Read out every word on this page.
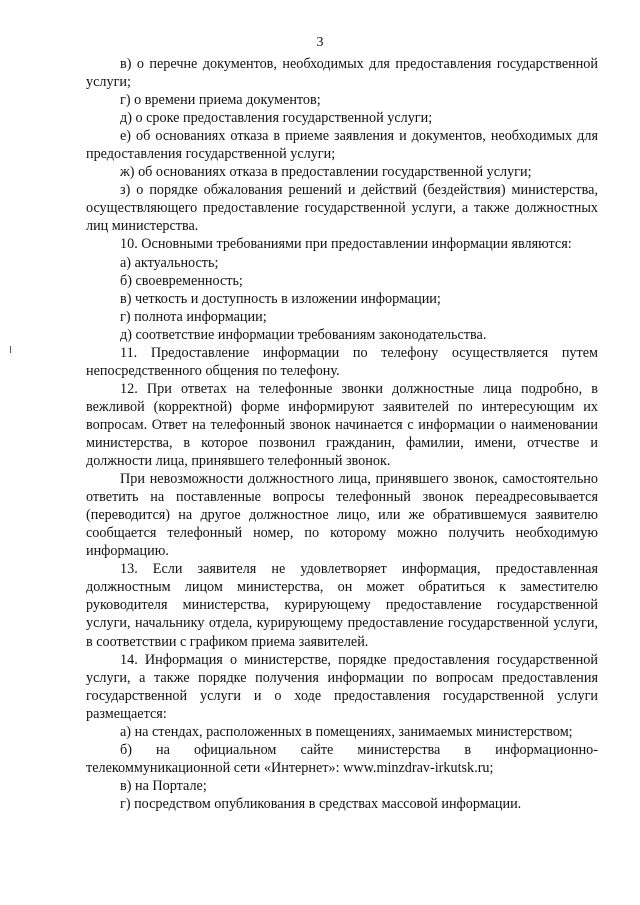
3

в) о перечне документов, необходимых для предоставления государственной услуги;

г) о времени приема документов;

д) о сроке предоставления государственной услуги;

е) об основаниях отказа в приеме заявления и документов, необходимых для предоставления государственной услуги;

ж) об основаниях отказа в предоставлении государственной услуги;

з) о порядке обжалования решений и действий (бездействия) министерства, осуществляющего предоставление государственной услуги, а также должностных лиц министерства.

10. Основными требованиями при предоставлении информации являются:

а) актуальность;

б) своевременность;

в) четкость и доступность в изложении информации;

г) полнота информации;

д) соответствие информации требованиям законодательства.

11. Предоставление информации по телефону осуществляется путем непосредственного общения по телефону.

12. При ответах на телефонные звонки должностные лица подробно, в вежливой (корректной) форме информируют заявителей по интересующим их вопросам. Ответ на телефонный звонок начинается с информации о наименовании министерства, в которое позвонил гражданин, фамилии, имени, отчестве и должности лица, принявшего телефонный звонок.

При невозможности должностного лица, принявшего звонок, самостоятельно ответить на поставленные вопросы телефонный звонок переадресовывается (переводится) на другое должностное лицо, или же обратившемуся заявителю сообщается телефонный номер, по которому можно получить необходимую информацию.

13. Если заявителя не удовлетворяет информация, предоставленная должностным лицом министерства, он может обратиться к заместителю руководителя министерства, курирующему предоставление государственной услуги, начальнику отдела, курирующему предоставление государственной услуги, в соответствии с графиком приема заявителей.

14. Информация о министерстве, порядке предоставления государственной услуги, а также порядке получения информации по вопросам предоставления государственной услуги и о ходе предоставления государственной услуги размещается:

а) на стендах, расположенных в помещениях, занимаемых министерством;

б) на официальном сайте министерства в информационно-телекоммуникационной сети «Интернет»: www.minzdrav-irkutsk.ru;

в) на Портале;

г) посредством опубликования в средствах массовой информации.
